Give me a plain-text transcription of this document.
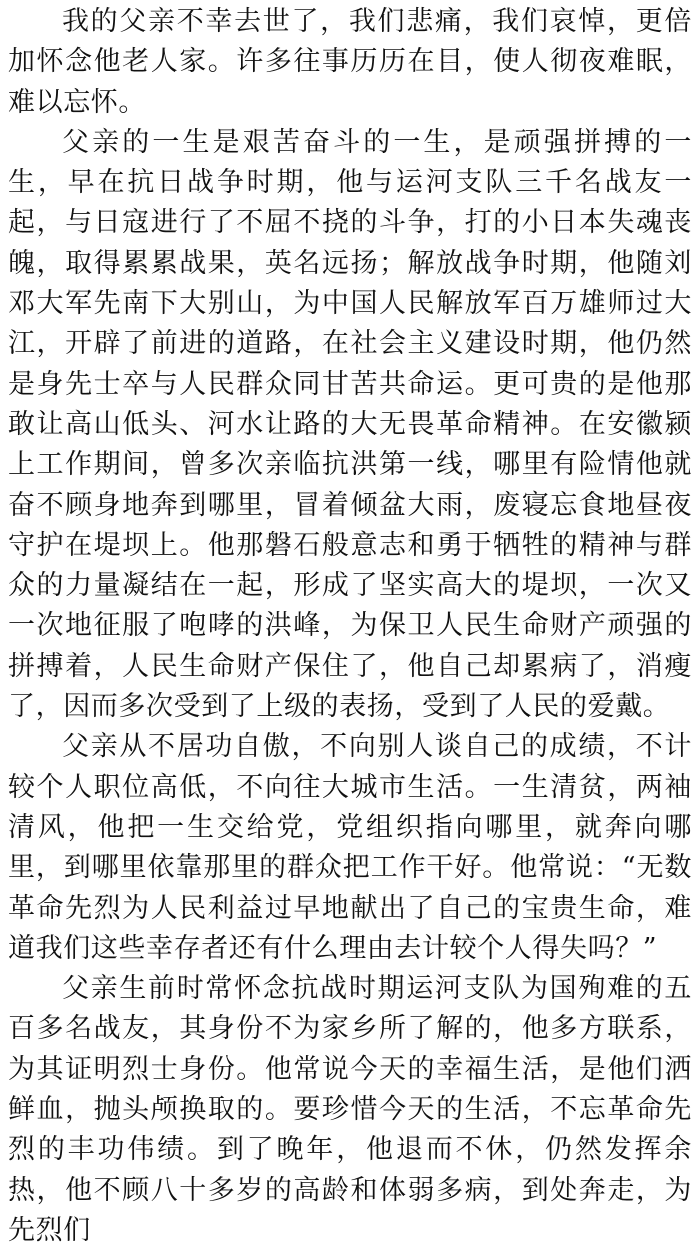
我的父亲不幸去世了，我们悲痛，我们哀悼，更倍加怀念他老人家。许多往事历历在目，使人彻夜难眠，难以忘怀。

父亲的一生是艰苦奋斗的一生，是顽强拼搏的一生，早在抗日战争时期，他与运河支队三千名战友一起，与日寇进行了不屈不挠的斗争，打的小日本失魂丧魄，取得累累战果，英名远扬；解放战争时期，他随刘邓大军先南下大别山，为中国人民解放军百万雄师过大江，开辟了前进的道路，在社会主义建设时期，他仍然是身先士卒与人民群众同甘苦共命运。更可贵的是他那敢让高山低头、河水让路的大无畏革命精神。在安徽颍上工作期间，曾多次亲临抗洪第一线，哪里有险情他就奋不顾身地奔到哪里，冒着倾盆大雨，废寝忘食地昼夜守护在堤坝上。他那磐石般意志和勇于牺牲的精神与群众的力量凝结在一起，形成了坚实高大的堤坝，一次又一次地征服了咆哮的洪峰，为保卫人民生命财产顽强的拼搏着，人民生命财产保住了，他自己却累病了，消瘦了，因而多次受到了上级的表扬，受到了人民的爱戴。

父亲从不居功自傲，不向别人谈自己的成绩，不计较个人职位高低，不向往大城市生活。一生清贫，两袖清风，他把一生交给党，党组织指向哪里，就奔向哪里，到哪里依靠那里的群众把工作干好。他常说：“无数革命先烈为人民利益过早地献出了自己的宝贵生命，难道我们这些幸存者还有什么理由去计较个人得失吗？”

父亲生前时常怀念抗战时期运河支队为国殉难的五百多名战友，其身份不为家乡所了解的，他多方联系，为其证明烈士身份。他常说今天的幸福生活，是他们洒鲜血，抛头颅换取的。要珍惜今天的生活，不忘革命先烈的丰功伟绩。到了晚年，他退而不休，仍然发挥余热，他不顾八十多岁的高龄和体弱多病，到处奔走，为先烈们
